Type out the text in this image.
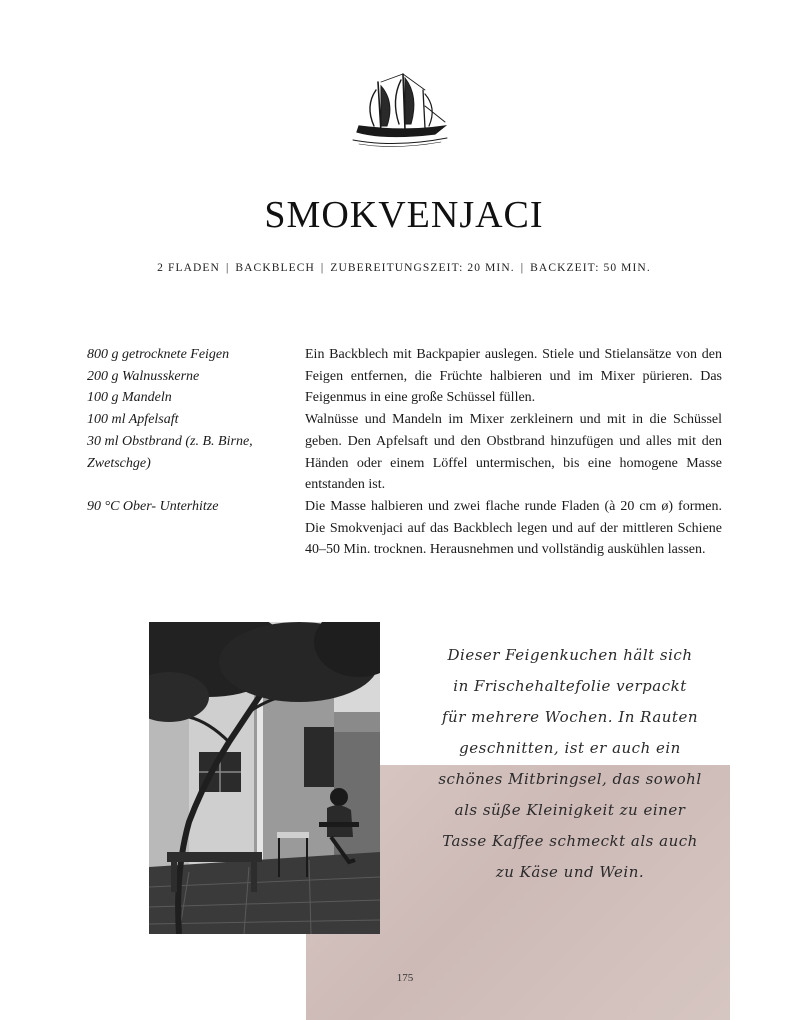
SMOKVENJACI
2 FLADEN | BACKBLECH | ZUBEREITUNGSZEIT: 20 MIN. | BACKZEIT: 50 MIN.
800 g getrocknete Feigen
200 g Walnusskerne
100 g Mandeln
100 ml Apfelsaft
30 ml Obstbrand (z. B. Birne,
Zwetschge)
90 °C Ober- Unterhitze

Ein Backblech mit Backpapier auslegen. Stiele und Stielansätze von den Feigen entfernen, die Früchte halbieren und im Mixer pürieren. Das Feigenmus in eine große Schüssel füllen.

Walnüsse und Mandeln im Mixer zerkleinern und mit in die Schüssel geben. Den Apfelsaft und den Obstbrand hinzufügen und alles mit den Händen oder einem Löffel untermischen, bis eine homogene Masse entstanden ist.

Die Masse halbieren und zwei flache runde Fladen (à 20 cm ø) formen. Die Smokvenjaci auf das Backblech legen und auf der mittleren Schiene 40–50 Min. trocknen. Herausnehmen und vollständig auskühlen lassen.

Dieser Feigenkuchen hält sich
in Frischehaltefolie verpackt
für mehrere Wochen. In Rauten
geschnitten, ist er auch ein
schönes Mitbringsel, das sowohl
als süße Kleinigkeit zu einer
Tasse Kaffee schmeckt als auch
zu Käse und Wein.
175
